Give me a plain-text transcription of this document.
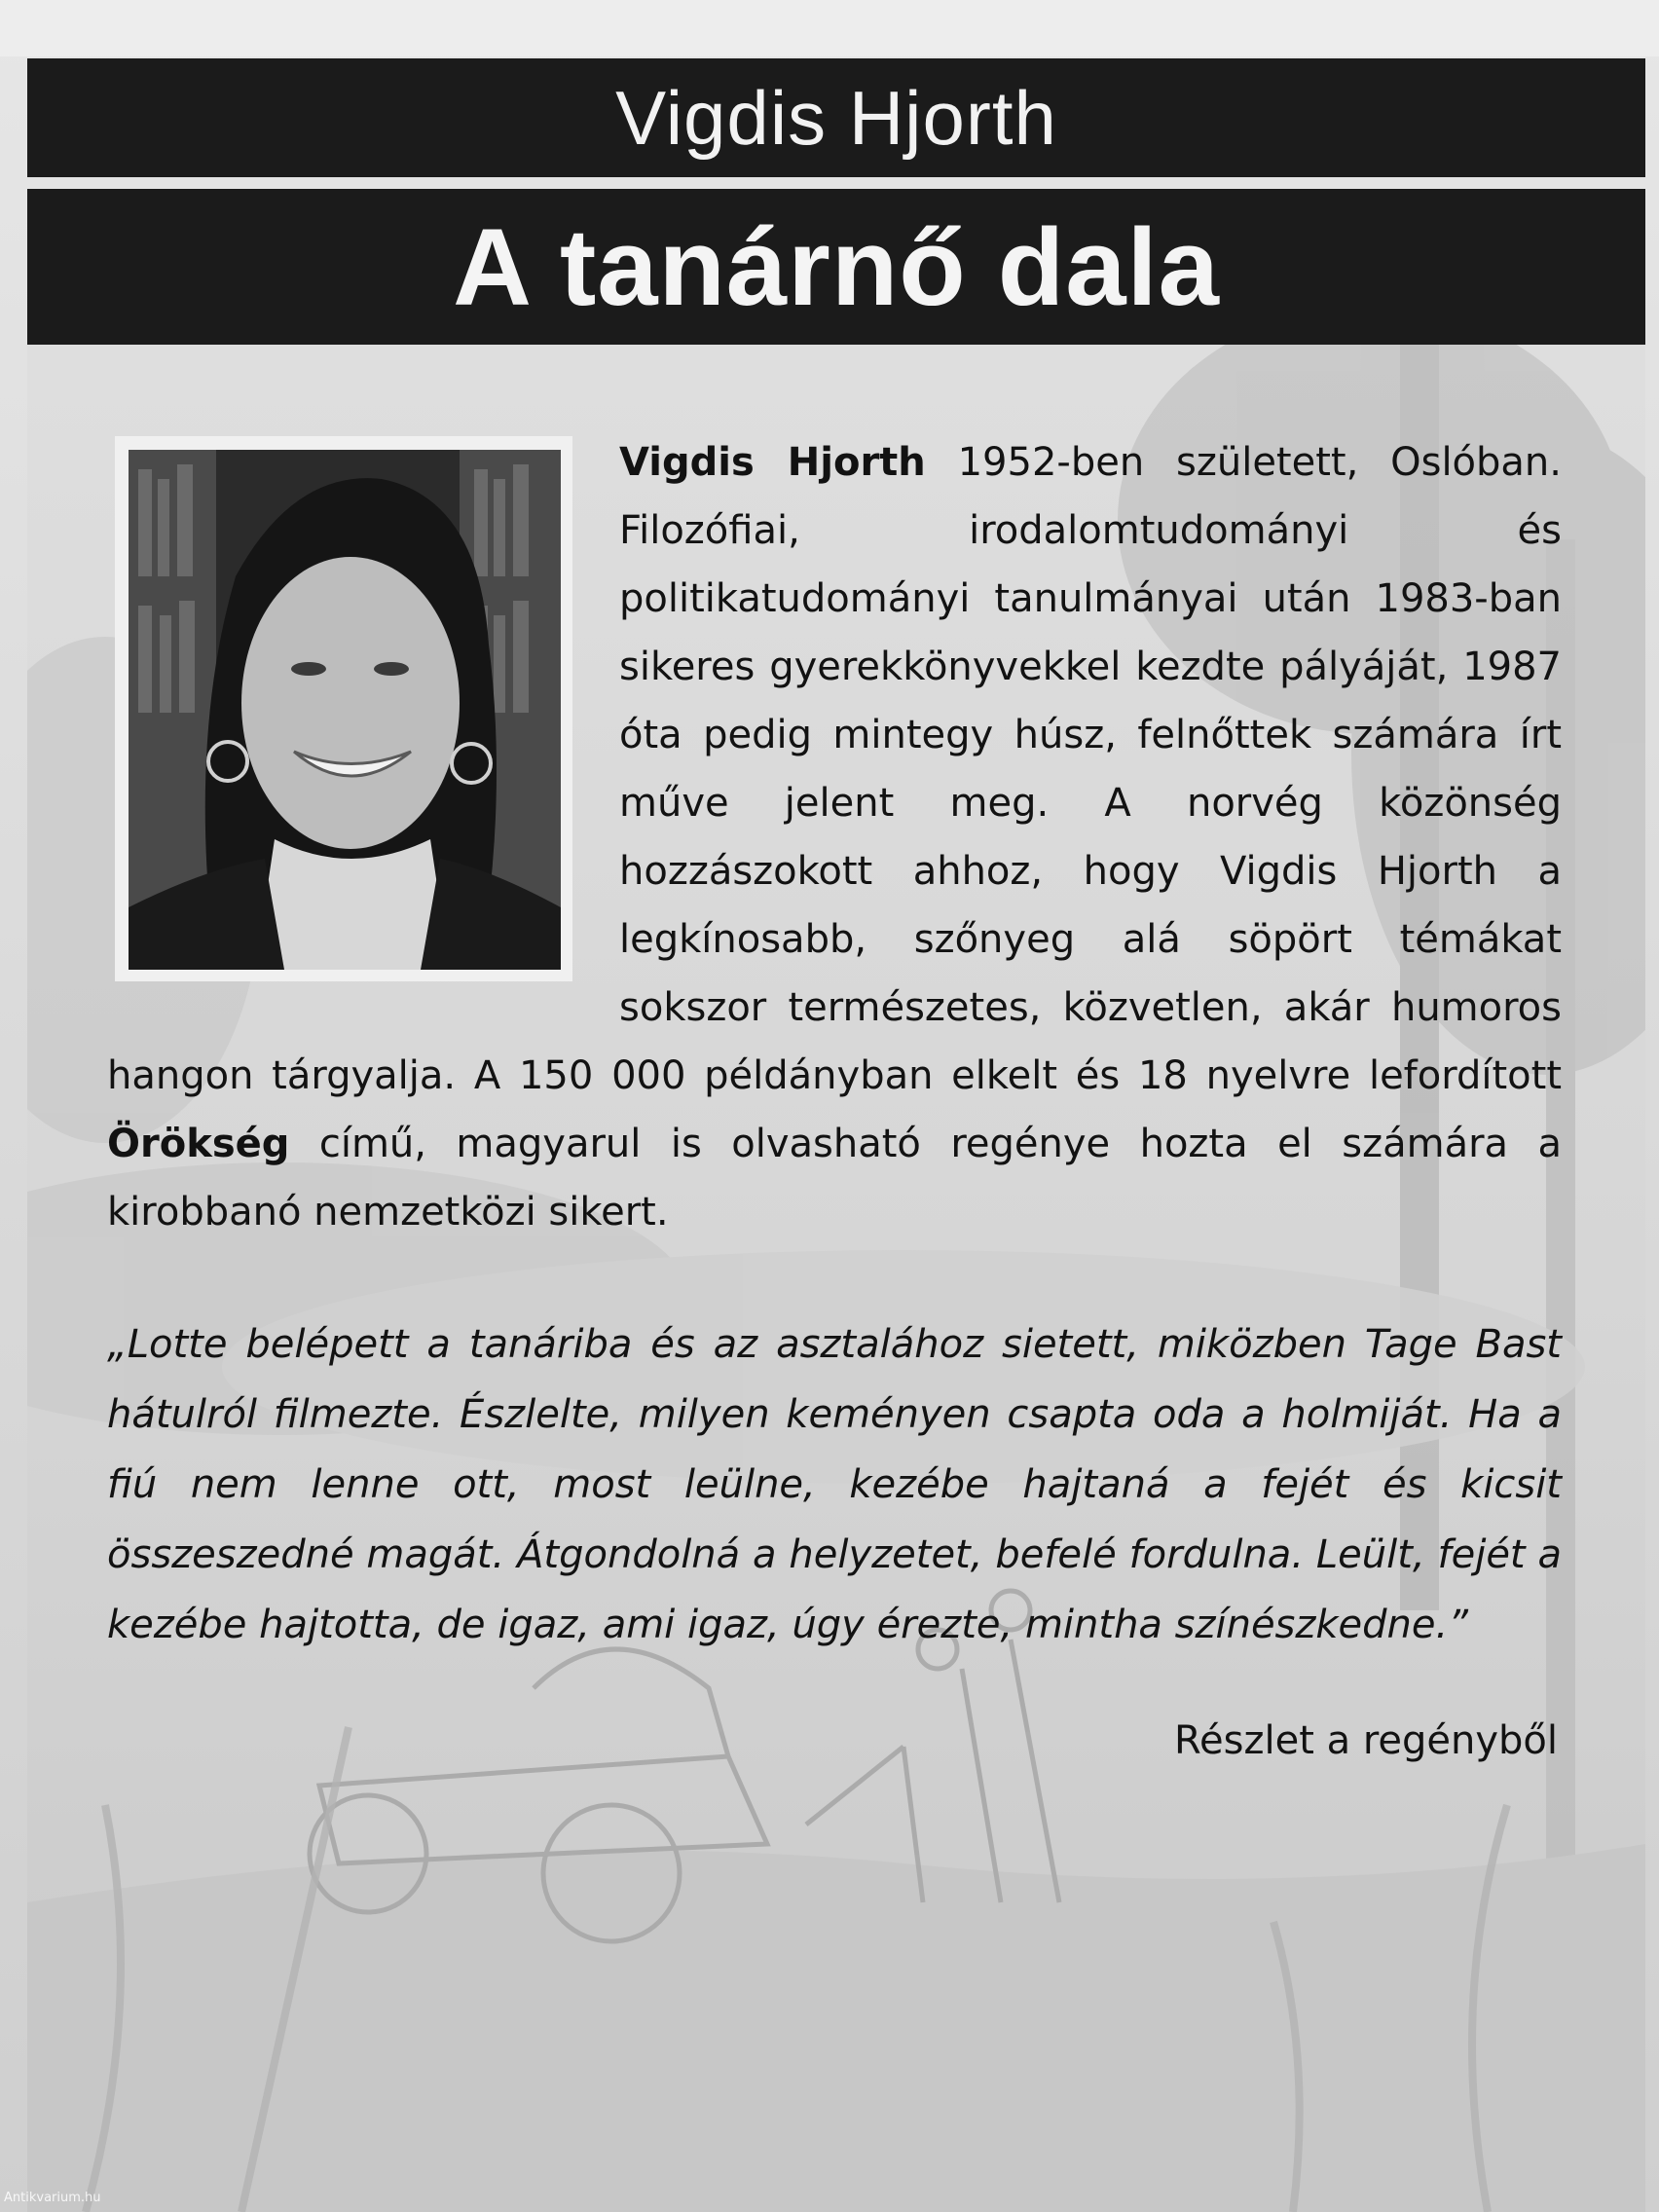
Vigdis Hjorth
A tanárnő dala

Vigdis Hjorth 1952-ben született, Oslóban. Filozófiai, irodalomtudományi és politikatudományi tanulmányai után 1983-ban sikeres gyerekkönyvekkel kezdte pályáját, 1987 óta pedig mintegy húsz, felnőttek számára írt műve jelent meg. A norvég közönség hozzászokott ahhoz, hogy Vigdis Hjorth a legkínosabb, szőnyeg alá söpört témákat sokszor természetes, közvetlen, akár humoros hangon tárgyalja. A 150 000 példányban elkelt és 18 nyelvre lefordított Örökség című, magyarul is olvasható regénye hozta el számára a kirobbanó nemzetközi sikert.

„Lotte belépett a tanáriba és az asztalához sietett, miközben Tage Bast hátulról filmezte. Észlelte, milyen keményen csapta oda a holmiját. Ha a fiú nem lenne ott, most leülne, kezébe hajtaná a fejét és kicsit összeszedné magát. Átgondolná a helyzetet, befelé fordulna. Leült, fejét a kezébe hajtotta, de igaz, ami igaz, úgy érezte, mintha színészkedne.”

Részlet a regényből
Antikvarium.hu
